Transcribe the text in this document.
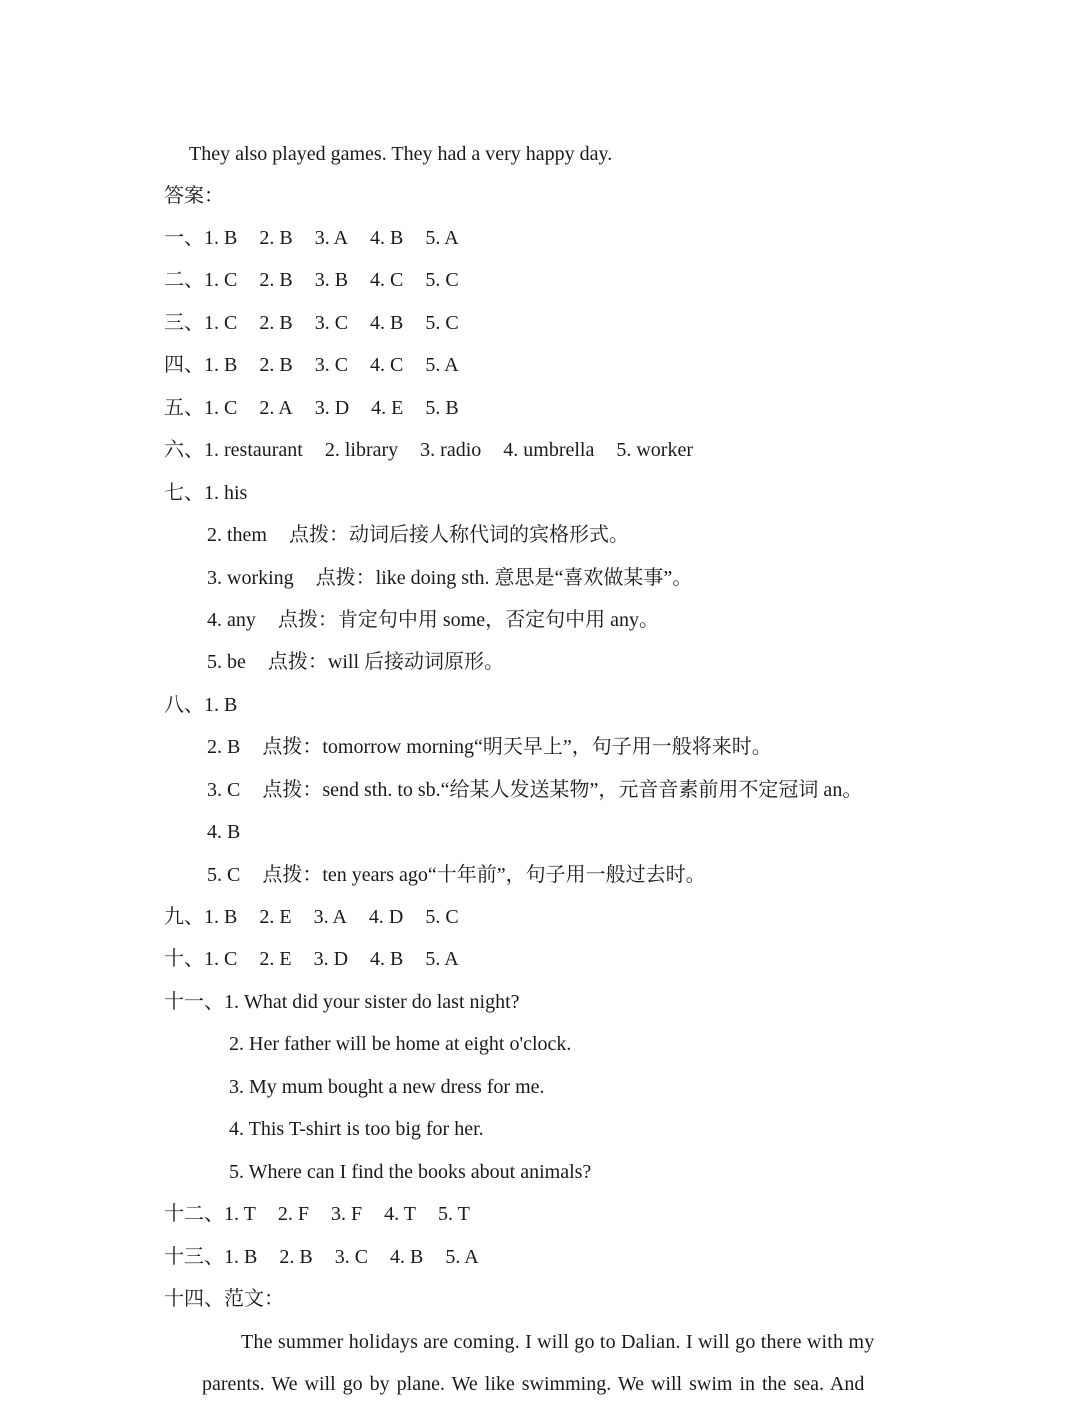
They also played games. They had a very happy day.
答案：
一、1. B 2. B 3. A 4. B 5. A
二、1. C 2. B 3. B 4. C 5. C
三、1. C 2. B 3. C 4. B 5. C
四、1. B 2. B 3. C 4. C 5. A
五、1. C 2. A 3. D 4. E 5. B
六、1. restaurant 2. library 3. radio 4. umbrella 5. worker
七、1. his
2. them 点拨：动词后接人称代词的宾格形式。
3. working 点拨：like doing sth. 意思是“喜欢做某事”。
4. any 点拨：肯定句中用 some，否定句中用 any。
5. be 点拨：will 后接动词原形。
八、1. B
2. B 点拨：tomorrow morning“明天早上”，句子用一般将来时。
3. C 点拨：send sth. to sb.“给某人发送某物”，元音音素前用不定冠词 an。
4. B
5. C 点拨：ten years ago“十年前”，句子用一般过去时。
九、1. B 2. E 3. A 4. D 5. C
十、1. C 2. E 3. D 4. B 5. A
十一、1. What did your sister do last night?
2. Her father will be home at eight o'clock.
3. My mum bought a new dress for me.
4. This T-shirt is too big for her.
5. Where can I find the books about animals?
十二、1. T 2. F 3. F 4. T 5. T
十三、1. B 2. B 3. C 4. B 5. A
十四、范文：
The summer holidays are coming. I will go to Dalian. I will go there with my
parents. We will go by plane. We like swimming. We will swim in the sea. And
